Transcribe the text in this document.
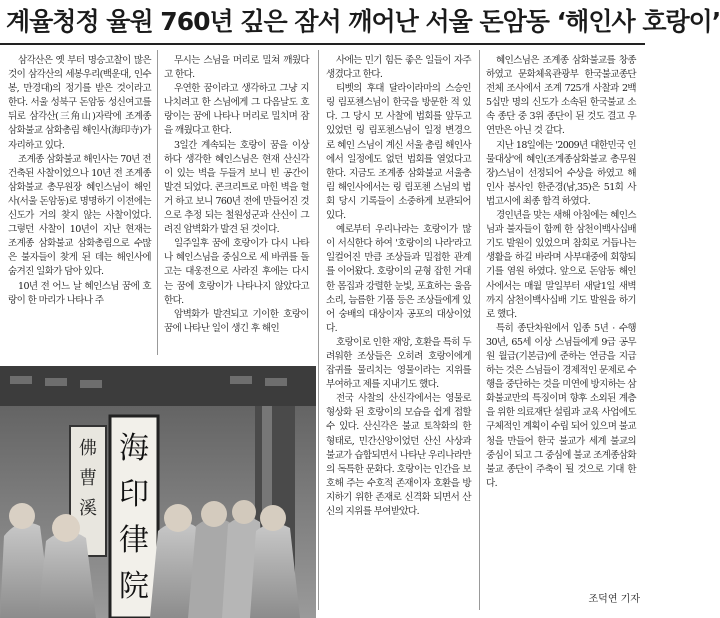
계율청정 율원 760년 깊은 잠서 깨어난 서울 돈암동 ‘해인사 호랑이’

삼각산은 옛 부터 명승고찰이 많은 것이 삼각산의 세봉우리(백운대, 인수봉, 만경대)의 정기를 받은 것이라고 한다. 서울 성북구 돈암동 성신여고를 뒤로 삼각산(三角山)자락에 조계종 삼화불교 삼화총림 해인사(海印寺)가 자리하고 있다.

조계종 삼화불교 해인사는 70년 전 건축된 사찰이었으나 10년 전 조계종 삼화불교 총무원장 혜인스님이 해인사(서울 돈암동)로 명명하기 이전에는 신도가 거의 찾지 않는 사찰이었다. 그렇던 사찰이 10년이 지난 현재는 조계종 삼화불교 삼화총림으로 수많은 불자들이 찾게 된 데는 해인사에 숨겨진 일화가 담아 있다.

10년 전 어느 날 혜인스님 꿈에 호랑이 한 마리가 나타나 주

무시는 스님을 머리로 밀쳐 깨웠다고 한다.

우연한 꿈이라고 생각하고 그냥 지나치려고 한 스님에게 그 다음날도 호랑이는 꿈에 나타나 머리로 밀치며 잠을 깨웠다고 한다.

3일간 계속되는 호랑이 꿈을 이상하다 생각한 혜인스님은 현재 산신각이 있는 벽을 두들겨 보니 빈 공간이 발견 되었다. 콘크리트로 마힌 벽을 헐거 하고 보니 760년 전에 만들어진 것으로 추정 되는 철원성군과 산신이 그려진 암벽화가 발견 된 것이다.

일주일후 꿈에 호랑이가 다시 나타나 혜인스님을 중심으로 세 바퀴를 돌고는 대웅전으로 사라진 후에는 다시는 꿈에 호랑이가 나타나지 않았다고 한다.

암벽화가 발견되고 기이한 호랑이 꿈에 나타난 일이 생긴 후 해인

사에는 민기 힘든 좋은 일들이 자주 생겼다고 한다.

티벳의 후대 달라이라마의 스승인 링 림포첸스님이 한국을 방문한 적 있다. 그 당시 모 사찰에 법회를 앞두고 있었던 링 림포첸스님이 일정 변경으로 혜인 스님이 계신 서울 총림 해인사에서 일정에도 없던 법회를 열었다고 한다. 지금도 조계종 삼화불교 서울총림 해인사에서는 링 림포첸 스님의 법회 당시 기록들이 소중하게 보관되어 있다.

예로부터 우리나라는 호랑이가 많이 서식한다 하여 '호랑이의 나라'라고 일컬어진 만큼 조상들과 밀접한 관계를 이어왔다. 호랑이의 균형 잡힌 거대한 몸집과 강렬한 눈빛, 포효하는 울음소리, 늠름한 기품 등은 조상들에게 있어 숭배의 대상이자 공포의 대상이었다.

호랑이로 인한 재앙, 호환을 특히 두려워한 조상들은 오히려 호랑이에게 잡귀를 물리치는 영물이라는 지위를 부여하고 제를 지내기도 했다.

전국 사찰의 산신각에서는 영물로 형상화 된 호랑이의 모습을 쉽게 접할 수 있다. 산신각은 불교 토착화의 한 형태로, 민간신앙이었던 산신 사상과 불교가 습합되면서 나타난 우리나라만의 독특한 문화다. 호랑이는 인간을 보호해 주는 수호적 존재이자 호환을 방지하기 위한 존재로 신격화 되면서 산신의 지위를 부여받았다.

혜인스님은 조계종 삼화불교를 창종 하였고 문화체육관광부 한국불교종단 전체 조사에서 조계 725개 사찰과 2백5십만 명의 신도가 소속된 한국불교 소속 종단 중 3위 종단이 된 것도 결고 우연만은 아닌 것 같다.

지난 18일에는 '2009년 대한민국 인물대상'에 혜인(조계종삼화불교 총무원장)스님이 선정되어 수상을 하였고 해인사 봉사인 한준경(남,35)은 51회 사법고시에 최종 합격 하였다.

경인년을 맞는 새해 아침에는 혜인스님과 불자들이 함께 한 삼천이백사십배 기도 발원이 있었으며 참회로 거듭나는 생활을 하길 바라며 사부대중에 회향되기를 염원 하였다. 앞으로 돈암동 해인사에서는 매월 말일부터 새달1일 새벽까지 삼천이백사십배 기도 발원을 하기로 했다.

특히 종단차원에서 입종 5년 · 수행 30년, 65세 이상 스님들에게 9급 공무원 월급(기본급)에 준하는 연금을 지급하는 것은 스님들이 경제적인 문제로 수행을 중단하는 것을 미연에 방지하는 삼화불교만의 특징이며 향후 소외된 계층을 위한 의료재단 설립과 교육 사업에도 구체적인 계획이 수립 되어 있으며 불교 청을 만들어 한국 불교가 세계 불교의 중심이 되고 그 중심에 불교 조계종삼화불교 종단이 주축이 될 것으로 기대 한다.

佛
曹
溪
海
印
律
院	조덕연 기자
